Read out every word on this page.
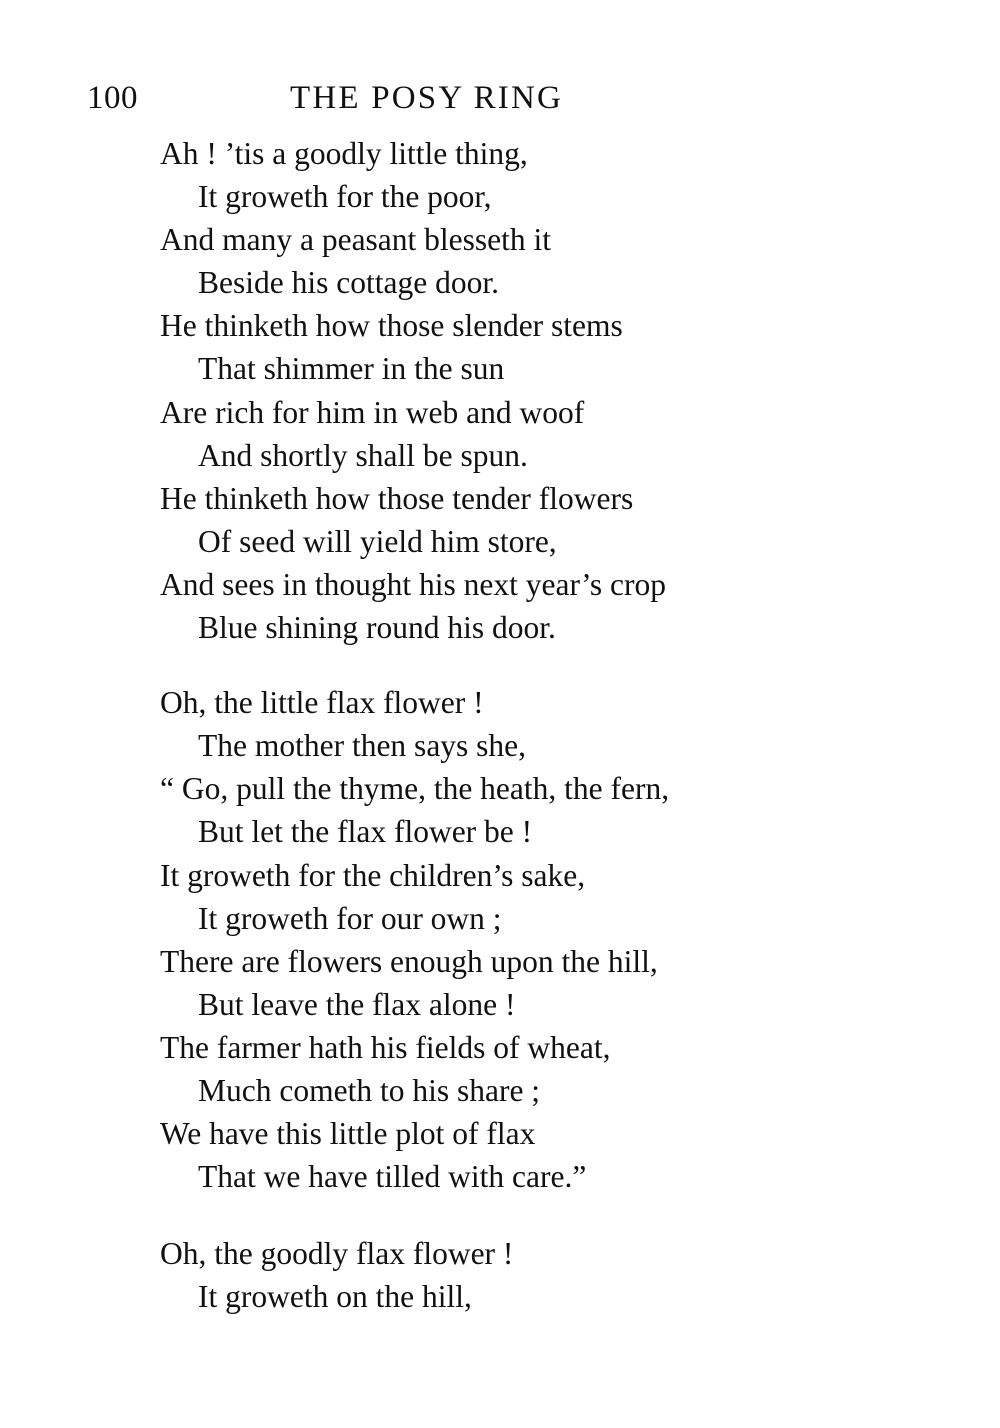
100	THE POSY RING
Ah ! ’tis a goodly little thing,
It groweth for the poor,
And many a peasant blesseth it
Beside his cottage door.
He thinketh how those slender stems
That shimmer in the sun
Are rich for him in web and woof
And shortly shall be spun.
He thinketh how those tender flowers
Of seed will yield him store,
And sees in thought his next year’s crop
Blue shining round his door.
Oh, the little flax flower !
The mother then says she,
“ Go, pull the thyme, the heath, the fern,
But let the flax flower be !
It groweth for the children’s sake,
It groweth for our own ;
There are flowers enough upon the hill,
But leave the flax alone !
The farmer hath his fields of wheat,
Much cometh to his share ;
We have this little plot of flax
That we have tilled with care.”
Oh, the goodly flax flower !
It groweth on the hill,
